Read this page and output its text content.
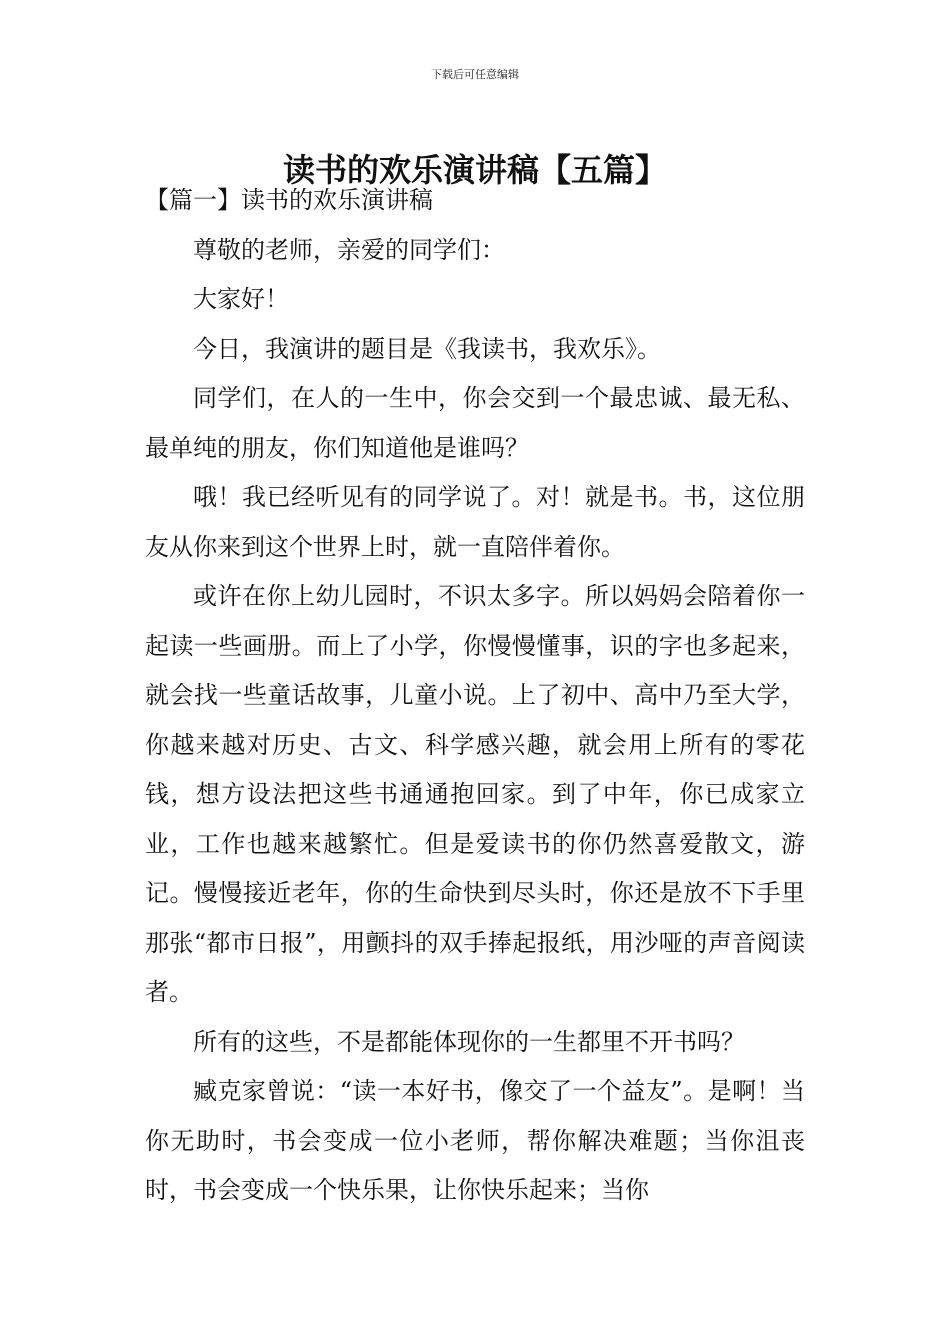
下载后可任意编辑
读书的欢乐演讲稿【五篇】
【篇一】读书的欢乐演讲稿

尊敬的老师，亲爱的同学们：

大家好！

今日，我演讲的题目是《我读书，我欢乐》。

同学们，在人的一生中，你会交到一个最忠诚、最无私、最单纯的朋友，你们知道他是谁吗？

哦！我已经听见有的同学说了。对！就是书。书，这位朋友从你来到这个世界上时，就一直陪伴着你。

或许在你上幼儿园时，不识太多字。所以妈妈会陪着你一起读一些画册。而上了小学，你慢慢懂事，识的字也多起来，就会找一些童话故事，儿童小说。上了初中、高中乃至大学，你越来越对历史、古文、科学感兴趣，就会用上所有的零花钱，想方设法把这些书通通抱回家。到了中年，你已成家立业，工作也越来越繁忙。但是爱读书的你仍然喜爱散文，游记。慢慢接近老年，你的生命快到尽头时，你还是放不下手里那张“都市日报”，用颤抖的双手捧起报纸，用沙哑的声音阅读者。

所有的这些，不是都能体现你的一生都里不开书吗？

臧克家曾说：“读一本好书，像交了一个益友”。是啊！当你无助时，书会变成一位小老师，帮你解决难题；当你沮丧时，书会变成一个快乐果，让你快乐起来；当你
